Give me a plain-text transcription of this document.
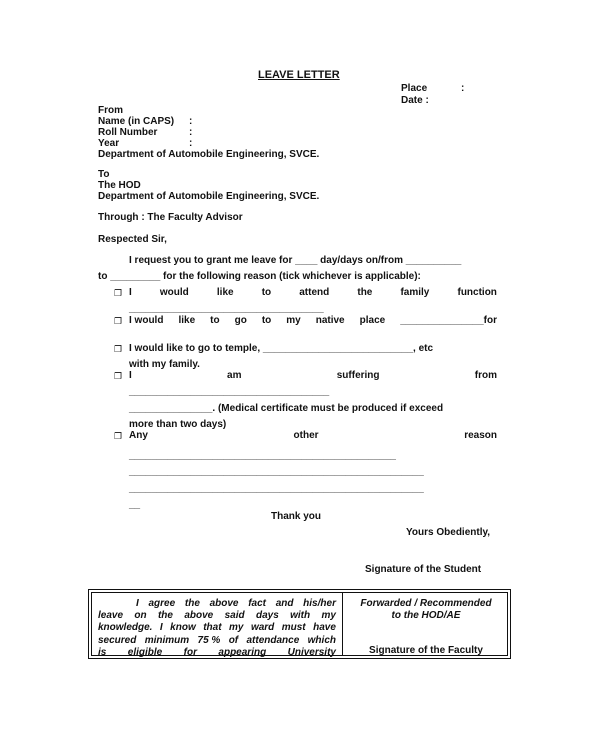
LEAVE LETTER
Place	:
Date :
From
Name (in CAPS) :
Roll Number	:
Year	:
Department of Automobile Engineering, SVCE.
To
The HOD
Department of Automobile Engineering, SVCE.
Through : The Faculty Advisor
Respected Sir,
I request you to grant me leave for ____ day/days on/from __________
to _________ for the following reason (tick whichever is applicable):
❐ I	would	like	to	attend	the	family	function
___________________________________
❐ I would like to go to my native place _______________for
❐ I would like to go to temple, ___________________________, etc
with my family.
❐ I	am	suffering	from
____________________________________
_______________. (Medical certificate must be produced if exceed
more than two days)
❐ Any	other	reason
________________________________________________
_____________________________________________________
_____________________________________________________
__
Thank you
Yours Obediently,
Signature of the Student
I agree the above fact and his/her
leave on the above said days with my
knowledge. I know that my ward must have
secured minimum 75 % of attendance which
is eligible for appearing University
Forwarded / Recommended
to the HOD/AE
Signature of the Faculty
